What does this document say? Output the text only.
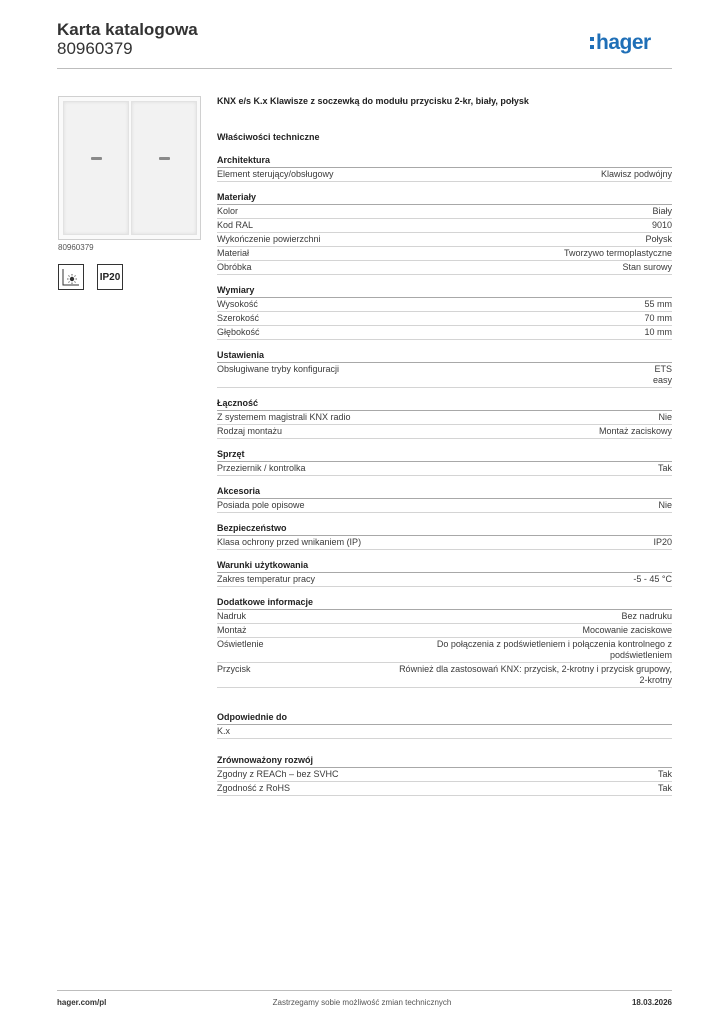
Karta katalogowa
80960379	hager
80960379
IP20
KNX e/s K.x Klawisze z soczewką do modułu przycisku 2-kr, biały, połysk
Właściwości techniczne
Architektura
Element sterujący/obsługowy	Klawisz podwójny
Materiały
Kolor	Biały
Kod RAL	9010
Wykończenie powierzchni	Połysk
Materiał	Tworzywo termoplastyczne
Obróbka	Stan surowy
Wymiary
Wysokość	55 mm
Szerokość	70 mm
Głębokość	10 mm
Ustawienia
Obsługiwane tryby konfiguracji	ETS
easy
Łączność
Z systemem magistrali KNX radio	Nie
Rodzaj montażu	Montaż zaciskowy
Sprzęt
Przeziernik / kontrolka	Tak
Akcesoria
Posiada pole opisowe	Nie
Bezpieczeństwo
Klasa ochrony przed wnikaniem (IP)	IP20
Warunki użytkowania
Zakres temperatur pracy	-5 - 45 °C
Dodatkowe informacje
Nadruk	Bez nadruku
Montaż	Mocowanie zaciskowe
Oświetlenie	Do połączenia z podświetleniem i połączenia kontrolnego z
podświetleniem
Przycisk	Również dla zastosowań KNX: przycisk, 2-krotny i przycisk grupowy,
2-krotny
Odpowiednie do
K.x
Zrównoważony rozwój
Zgodny z REACh – bez SVHC	Tak
Zgodność z RoHS	Tak
hager.com/pl	Zastrzegamy sobie możliwość zmian technicznych	18.03.2026
